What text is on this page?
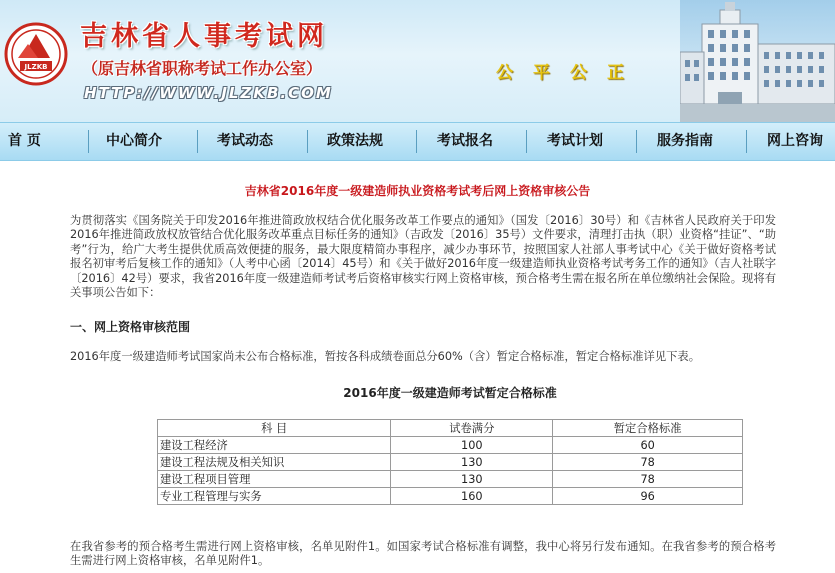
JLZKB
吉林省人事考试网
（原吉林省职称考试工作办公室）
HTTP://WWW.JLZKB.COM
公平公正
首 页	中心简介	考试动态	政策法规	考试报名	考试计划	服务指南	网上咨询
吉林省2016年度一级建造师执业资格考试考后网上资格审核公告
为贯彻落实《国务院关于印发2016年推进简政放权结合优化服务改革工作要点的通知》（国发〔2016〕30号）和《吉林省人民政府关于印发2016年推进简政放权放管结合优化服务改革重点目标任务的通知》（吉政发〔2016〕35号）文件要求，清理打击执（职）业资格“挂证”、“助考”行为，给广大考生提供优质高效便捷的服务，最大限度精简办事程序，减少办事环节，按照国家人社部人事考试中心《关于做好资格考试报名初审考后复核工作的通知》（人考中心函〔2014〕45号）和《关于做好2016年度一级建造师执业资格考试考务工作的通知》（吉人社联字〔2016〕42号）要求，我省2016年度一级建造师考试考后资格审核实行网上资格审核，预合格考生需在报名所在单位缴纳社会保险。现将有关事项公告如下：
一、网上资格审核范围
2016年度一级建造师考试国家尚未公布合格标准，暂按各科成绩卷面总分60%（含）暂定合格标准，暂定合格标准详见下表。
2016年度一级建造师考试暂定合格标准
科 目	试卷满分	暂定合格标准
建设工程经济	100	60
建设工程法规及相关知识	130	78
建设工程项目管理	130	78
专业工程管理与实务	160	96
在我省参考的预合格考生需进行网上资格审核，名单见附件1。如国家考试合格标准有调整，我中心将另行发布通知。在我省参考的预合格考生需进行网上资格审核，名单见附件1。
